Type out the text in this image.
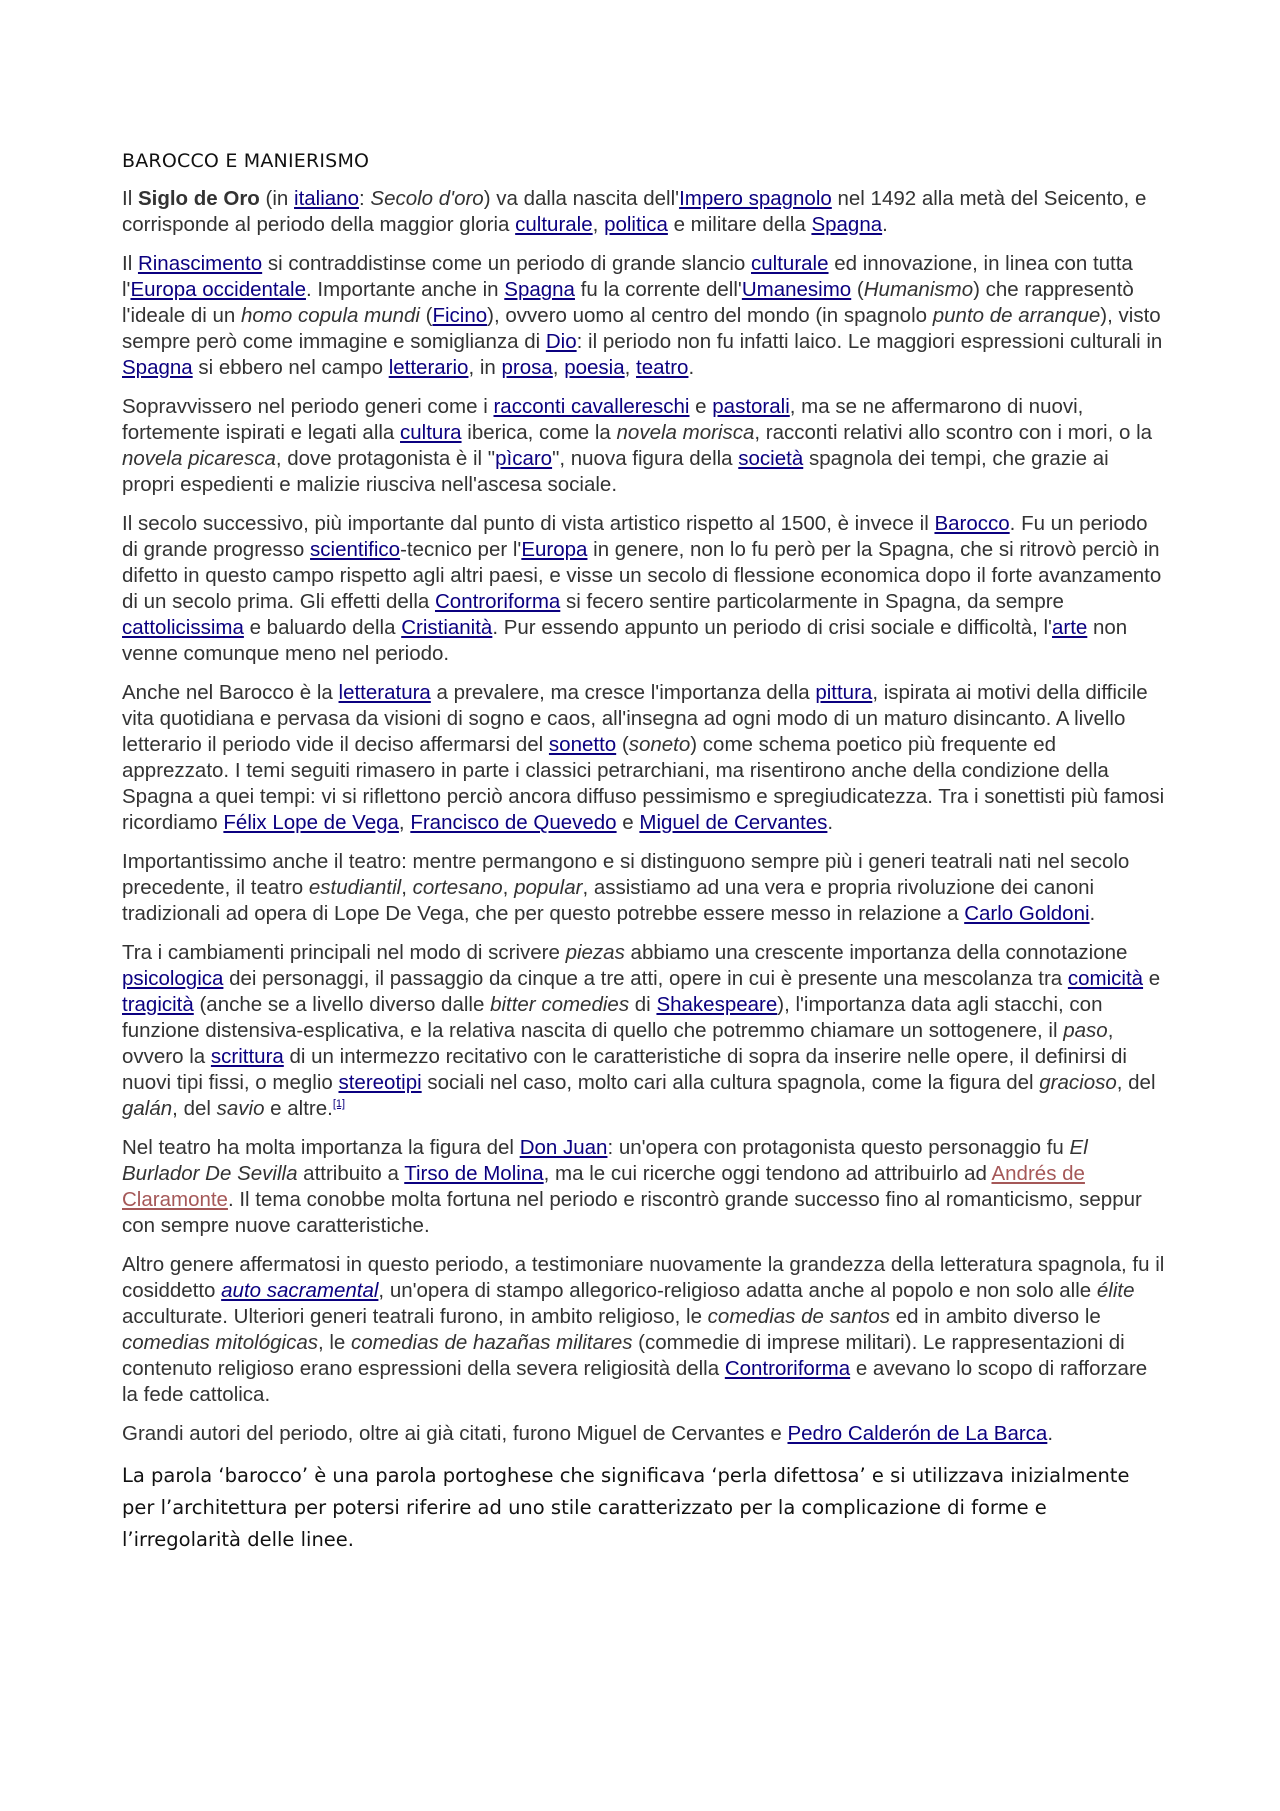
BAROCCO E MANIERISMO

Il Siglo de Oro (in italiano: Secolo d'oro) va dalla nascita dell'Impero spagnolo nel 1492 alla metà del Seicento, e corrisponde al periodo della maggior gloria culturale, politica e militare della Spagna.

Il Rinascimento si contraddistinse come un periodo di grande slancio culturale ed innovazione, in linea con tutta l'Europa occidentale. Importante anche in Spagna fu la corrente dell'Umanesimo (Humanismo) che rappresentò l'ideale di un homo copula mundi (Ficino), ovvero uomo al centro del mondo (in spagnolo punto de arranque), visto sempre però come immagine e somiglianza di Dio: il periodo non fu infatti laico. Le maggiori espressioni culturali in Spagna si ebbero nel campo letterario, in prosa, poesia, teatro.

Sopravvissero nel periodo generi come i racconti cavallereschi e pastorali, ma se ne affermarono di nuovi, fortemente ispirati e legati alla cultura iberica, come la novela morisca, racconti relativi allo scontro con i mori, o la novela picaresca, dove protagonista è il "pìcaro", nuova figura della società spagnola dei tempi, che grazie ai propri espedienti e malizie riusciva nell'ascesa sociale.

Il secolo successivo, più importante dal punto di vista artistico rispetto al 1500, è invece il Barocco. Fu un periodo di grande progresso scientifico-tecnico per l'Europa in genere, non lo fu però per la Spagna, che si ritrovò perciò in difetto in questo campo rispetto agli altri paesi, e visse un secolo di flessione economica dopo il forte avanzamento di un secolo prima. Gli effetti della Controriforma si fecero sentire particolarmente in Spagna, da sempre cattolicissima e baluardo della Cristianità. Pur essendo appunto un periodo di crisi sociale e difficoltà, l'arte non venne comunque meno nel periodo.

Anche nel Barocco è la letteratura a prevalere, ma cresce l'importanza della pittura, ispirata ai motivi della difficile vita quotidiana e pervasa da visioni di sogno e caos, all'insegna ad ogni modo di un maturo disincanto. A livello letterario il periodo vide il deciso affermarsi del sonetto (soneto) come schema poetico più frequente ed apprezzato. I temi seguiti rimasero in parte i classici petrarchiani, ma risentirono anche della condizione della Spagna a quei tempi: vi si riflettono perciò ancora diffuso pessimismo e spregiudicatezza. Tra i sonettisti più famosi ricordiamo Félix Lope de Vega, Francisco de Quevedo e Miguel de Cervantes.

Importantissimo anche il teatro: mentre permangono e si distinguono sempre più i generi teatrali nati nel secolo precedente, il teatro estudiantil, cortesano, popular, assistiamo ad una vera e propria rivoluzione dei canoni tradizionali ad opera di Lope De Vega, che per questo potrebbe essere messo in relazione a Carlo Goldoni.

Tra i cambiamenti principali nel modo di scrivere piezas abbiamo una crescente importanza della connotazione psicologica dei personaggi, il passaggio da cinque a tre atti, opere in cui è presente una mescolanza tra comicità e tragicità (anche se a livello diverso dalle bitter comedies di Shakespeare), l'importanza data agli stacchi, con funzione distensiva-esplicativa, e la relativa nascita di quello che potremmo chiamare un sottogenere, il paso, ovvero la scrittura di un intermezzo recitativo con le caratteristiche di sopra da inserire nelle opere, il definirsi di nuovi tipi fissi, o meglio stereotipi sociali nel caso, molto cari alla cultura spagnola, come la figura del gracioso, del galán, del savio e altre.[1]

Nel teatro ha molta importanza la figura del Don Juan: un'opera con protagonista questo personaggio fu El Burlador De Sevilla attribuito a Tirso de Molina, ma le cui ricerche oggi tendono ad attribuirlo ad Andrés de Claramonte. Il tema conobbe molta fortuna nel periodo e riscontrò grande successo fino al romanticismo, seppur con sempre nuove caratteristiche.

Altro genere affermatosi in questo periodo, a testimoniare nuovamente la grandezza della letteratura spagnola, fu il cosiddetto auto sacramental, un'opera di stampo allegorico-religioso adatta anche al popolo e non solo alle élite acculturate. Ulteriori generi teatrali furono, in ambito religioso, le comedias de santos ed in ambito diverso le comedias mitológicas, le comedias de hazañas militares (commedie di imprese militari). Le rappresentazioni di contenuto religioso erano espressioni della severa religiosità della Controriforma e avevano lo scopo di rafforzare la fede cattolica.

Grandi autori del periodo, oltre ai già citati, furono Miguel de Cervantes e Pedro Calderón de La Barca.

La parola ‘barocco’ è una parola portoghese che significava ‘perla difettosa’ e si utilizzava inizialmente per l’architettura per potersi riferire ad uno stile caratterizzato per la complicazione di forme e l’irregolarità delle linee.
